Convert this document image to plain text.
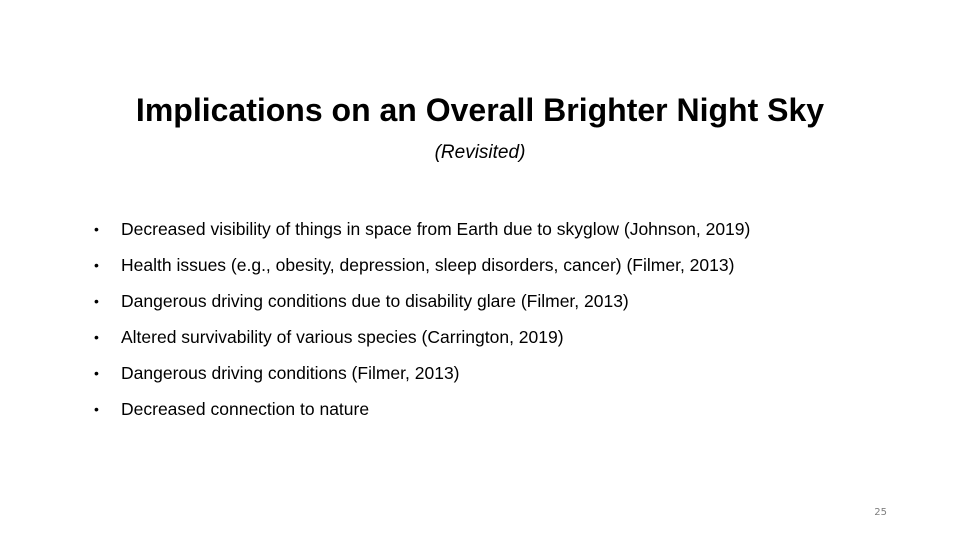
Implications on an Overall Brighter Night Sky
(Revisited)
•	Decreased visibility of things in space from Earth due to skyglow (Johnson, 2019)
•	Health issues (e.g., obesity, depression, sleep disorders, cancer) (Filmer, 2013)
•	Dangerous driving conditions due to disability glare (Filmer, 2013)
•	Altered survivability of various species (Carrington, 2019)
•	Dangerous driving conditions (Filmer, 2013)
•	Decreased connection to nature
25
